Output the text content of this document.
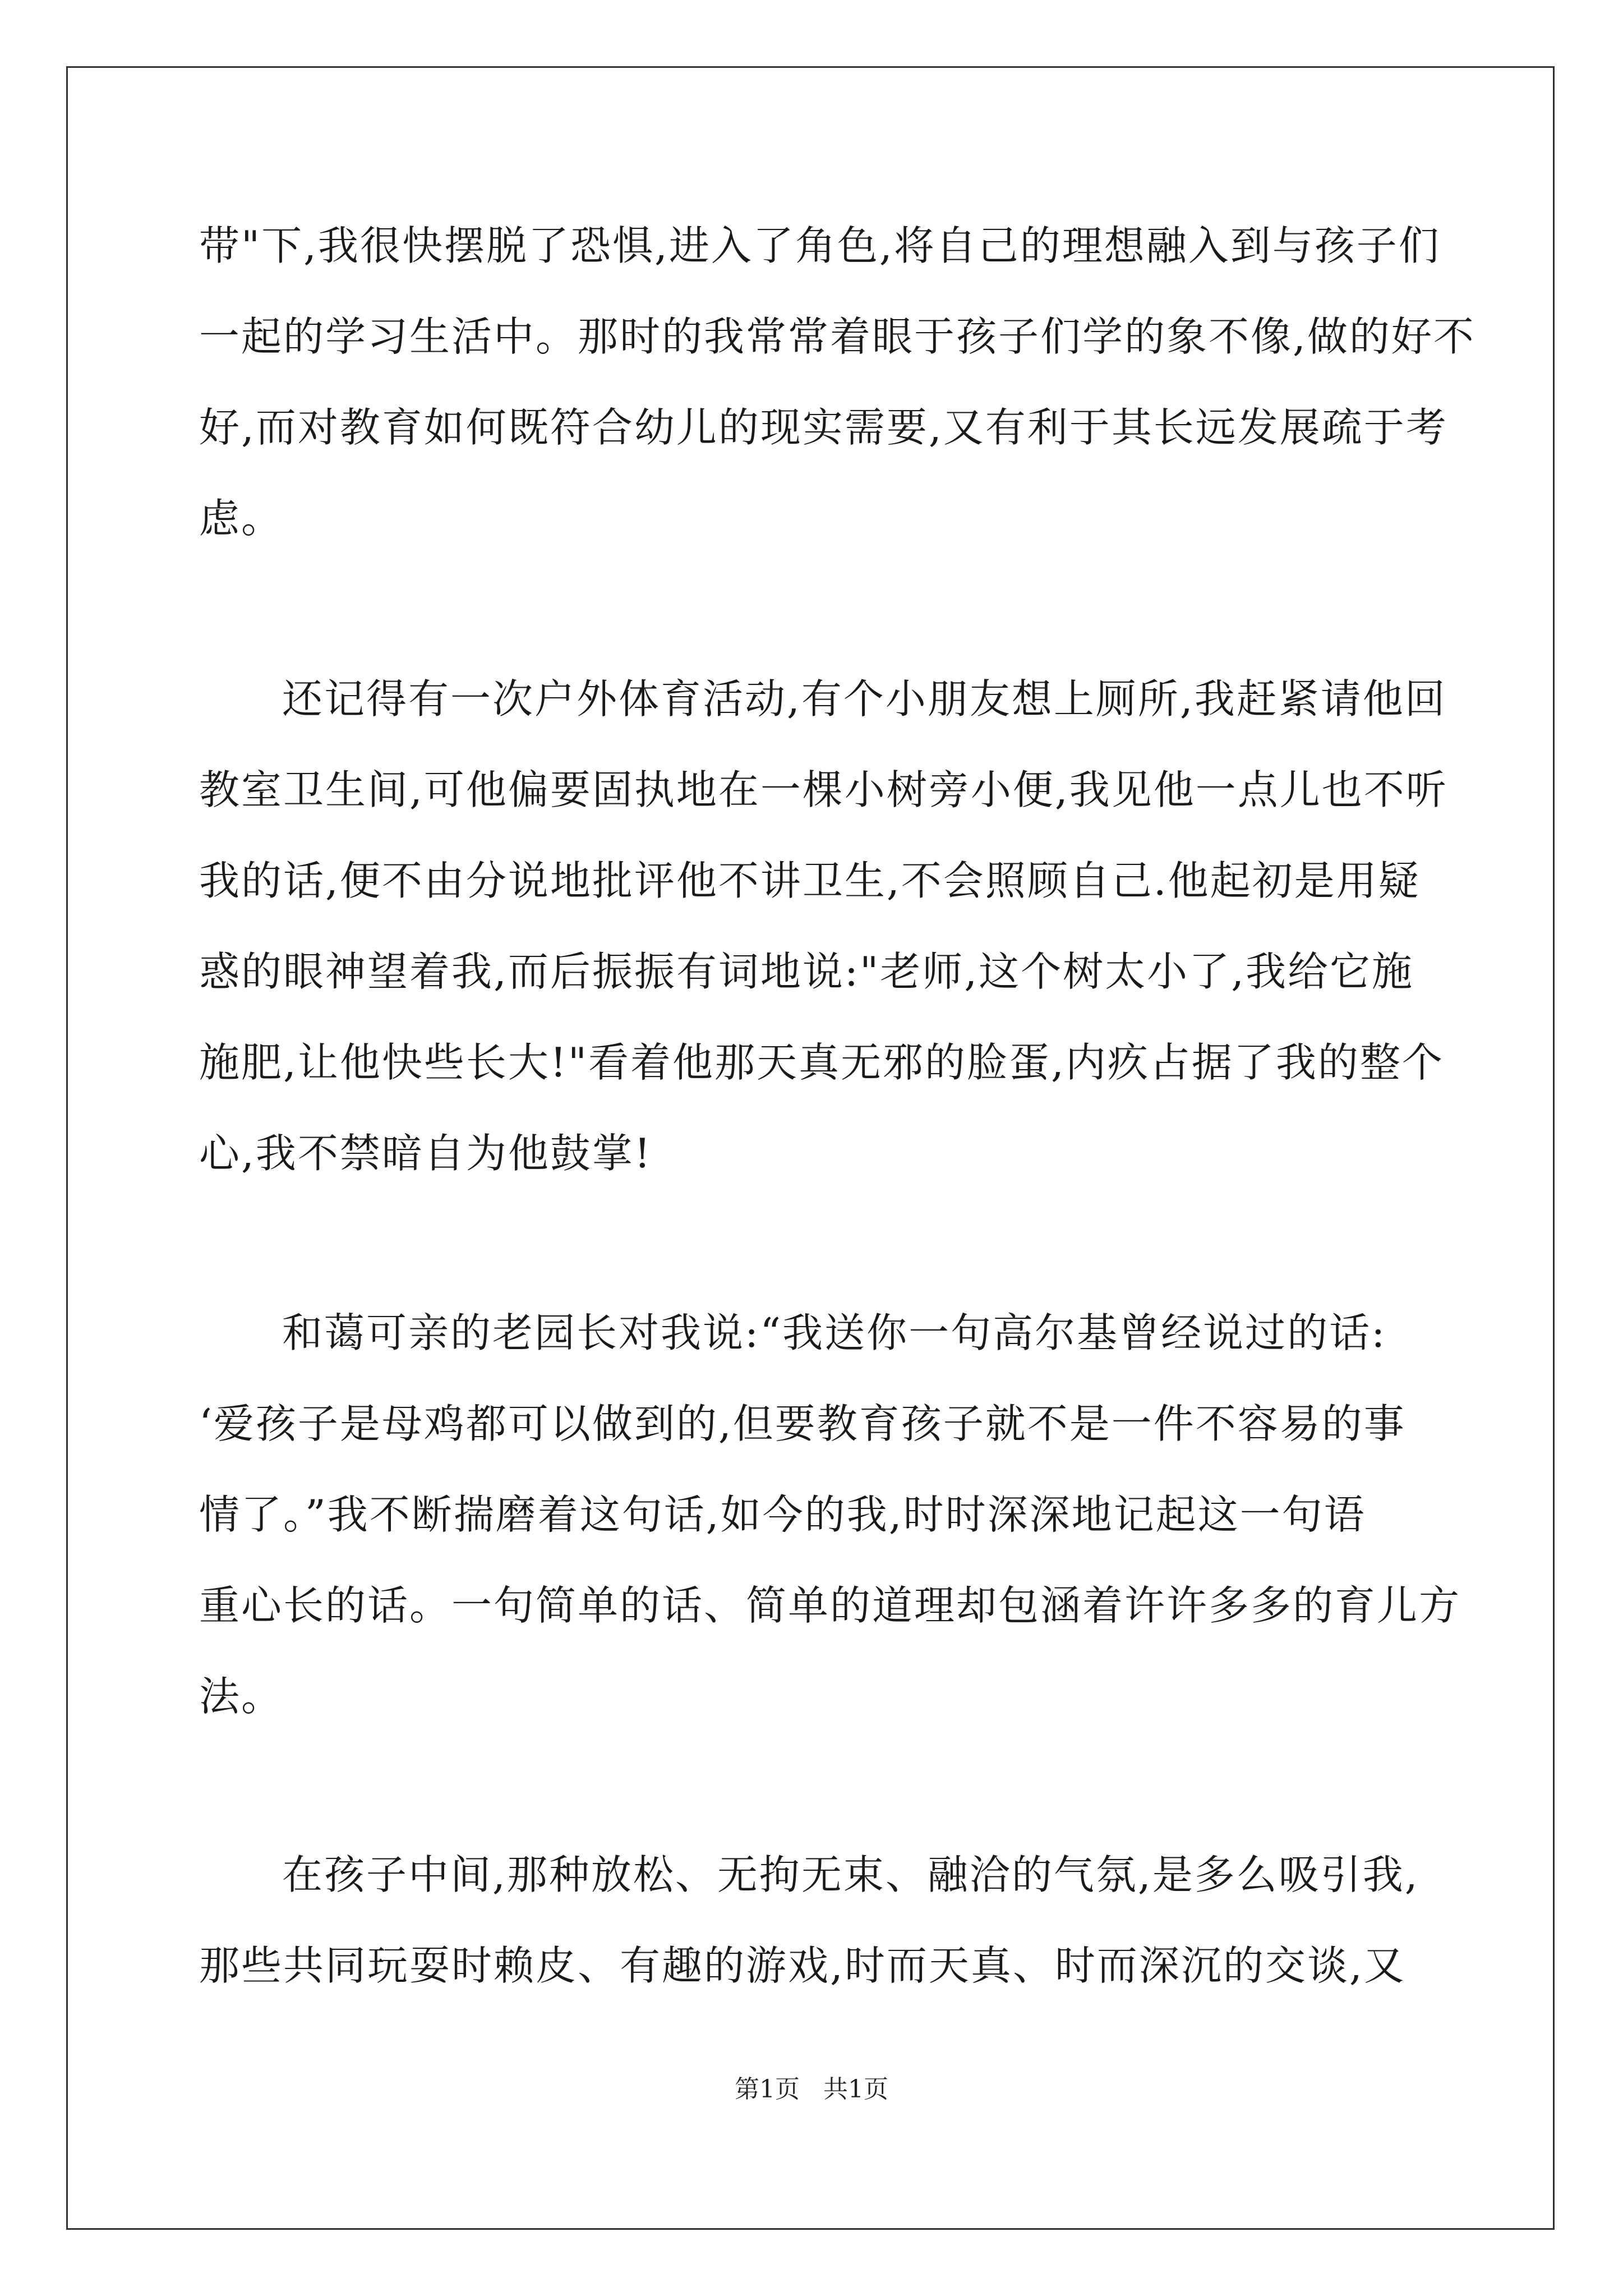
带"下,我很快摆脱了恐惧,进入了角色,将自己的理想融入到与孩子们

一起的学习生活中。那时的我常常着眼于孩子们学的象不像,做的好不

好,而对教育如何既符合幼儿的现实需要,又有利于其长远发展疏于考

虑。

还记得有一次户外体育活动,有个小朋友想上厕所,我赶紧请他回

教室卫生间,可他偏要固执地在一棵小树旁小便,我见他一点儿也不听

我的话,便不由分说地批评他不讲卫生,不会照顾自己.他起初是用疑

惑的眼神望着我,而后振振有词地说:"老师,这个树太小了,我给它施

施肥,让他快些长大!"看着他那天真无邪的脸蛋,内疚占据了我的整个

心,我不禁暗自为他鼓掌!

和蔼可亲的老园长对我说:“我送你一句高尔基曾经说过的话:

‘爱孩子是母鸡都可以做到的,但要教育孩子就不是一件不容易的事

情了。”我不断揣磨着这句话,如今的我,时时深深地记起这一句语

重心长的话。一句简单的话、简单的道理却包涵着许许多多的育儿方

法。

在孩子中间,那种放松、无拘无束、融洽的气氛,是多么吸引我,

那些共同玩耍时赖皮、有趣的游戏,时而天真、时而深沉的交谈,又

第1页   共1页
